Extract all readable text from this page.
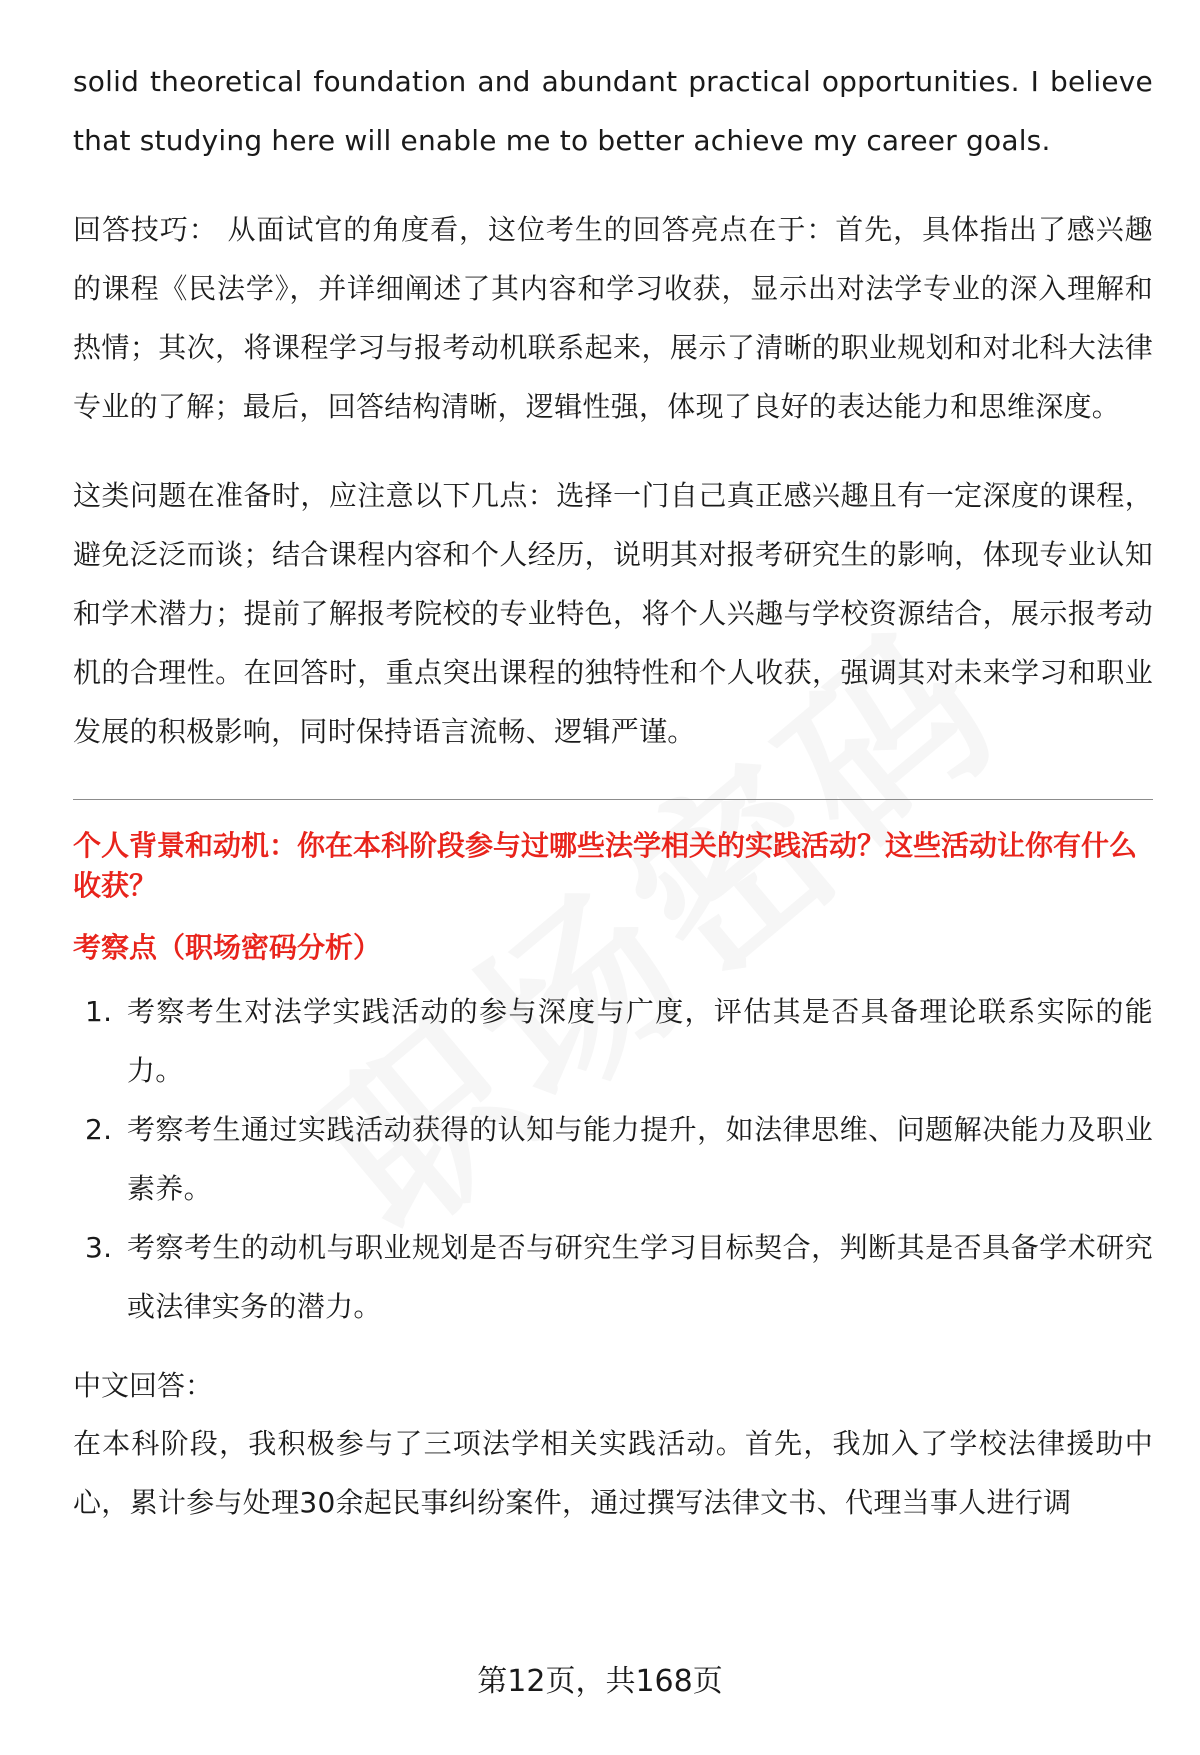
solid theoretical foundation and abundant practical opportunities. I believe that studying here will enable me to better achieve my career goals.

回答技巧： 从面试官的角度看，这位考生的回答亮点在于：首先，具体指出了感兴趣的课程《民法学》，并详细阐述了其内容和学习收获，显示出对法学专业的深入理解和热情；其次，将课程学习与报考动机联系起来，展示了清晰的职业规划和对北科大法律专业的了解；最后，回答结构清晰，逻辑性强，体现了良好的表达能力和思维深度。

这类问题在准备时，应注意以下几点：选择一门自己真正感兴趣且有一定深度的课程，避免泛泛而谈；结合课程内容和个人经历，说明其对报考研究生的影响，体现专业认知和学术潜力；提前了解报考院校的专业特色，将个人兴趣与学校资源结合，展示报考动机的合理性。在回答时，重点突出课程的独特性和个人收获，强调其对未来学习和职业发展的积极影响，同时保持语言流畅、逻辑严谨。

个人背景和动机：你在本科阶段参与过哪些法学相关的实践活动？这些活动让你有什么收获？

考察点（职场密码分析）

1. 考察考生对法学实践活动的参与深度与广度，评估其是否具备理论联系实际的能力。
2. 考察考生通过实践活动获得的认知与能力提升，如法律思维、问题解决能力及职业素养。
3. 考察考生的动机与职业规划是否与研究生学习目标契合，判断其是否具备学术研究或法律实务的潜力。

中文回答：

在本科阶段，我积极参与了三项法学相关实践活动。首先，我加入了学校法律援助中心，累计参与处理30余起民事纠纷案件，通过撰写法律文书、代理当事人进行调

第12页，共168页
